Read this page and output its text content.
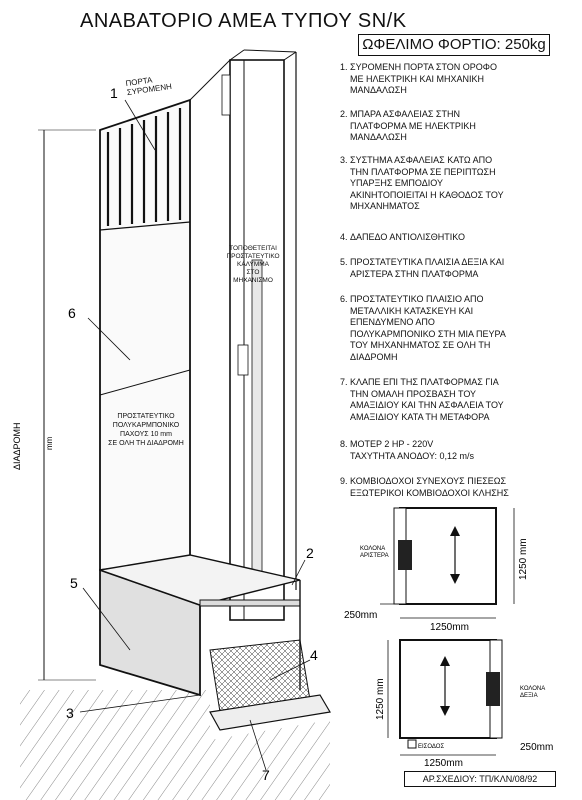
ΑΝΑΒΑΤΟΡΙΟ ΑΜΕΑ ΤΥΠΟΥ SN/K
ΩΦΕΛΙΜΟ ΦΟΡΤΙΟ: 250kg
1. ΣΥΡΟΜΕΝΗ ΠΟΡΤΑ ΣΤΟΝ ΟΡΟΦΟ
ΜΕ ΗΛΕΚΤΡΙΚΗ ΚΑΙ ΜΗΧΑΝΙΚΗ
ΜΑΝΔΑΛΩΣΗ
2. ΜΠΑΡΑ ΑΣΦΑΛΕΙΑΣ ΣΤΗΝ
ΠΛΑΤΦΟΡΜΑ ΜΕ ΗΛΕΚΤΡΙΚΗ
ΜΑΝΔΑΛΩΣΗ
3. ΣΥΣΤΗΜΑ ΑΣΦΑΛΕΙΑΣ ΚΑΤΩ ΑΠΟ
ΤΗΝ ΠΛΑΤΦΟΡΜΑ ΣΕ ΠΕΡΙΠΤΩΣΗ
ΥΠΑΡΞΗΣ ΕΜΠΟΔΙΟΥ
ΑΚΙΝΗΤΟΠΟΙΕΙΤΑΙ Η ΚΑΘΟΔΟΣ ΤΟΥ
ΜΗΧΑΝΗΜΑΤΟΣ
4. ΔΑΠΕΔΟ ΑΝΤΙΟΛΙΣΘΗΤΙΚΟ
5. ΠΡΟΣΤΑΤΕΥΤΙΚΑ ΠΛΑΙΣΙΑ ΔΕΞΙΑ ΚΑΙ
ΑΡΙΣΤΕΡΑ ΣΤΗΝ ΠΛΑΤΦΟΡΜΑ
6. ΠΡΟΣΤΑΤΕΥΤΙΚΟ ΠΛΑΙΣΙΟ ΑΠΟ
ΜΕΤΑΛΛΙΚΗ ΚΑΤΑΣΚΕΥΗ ΚΑΙ
ΕΠΕΝΔΥΜΕΝΟ ΑΠΟ
ΠΟΛΥΚΑΡΜΠΟΝΙΚΟ ΣΤΗ ΜΙΑ ΠΕΥΡΑ
ΤΟΥ ΜΗΧΑΝΗΜΑΤΟΣ ΣΕ ΟΛΗ ΤΗ
ΔΙΑΔΡΟΜΗ
7. ΚΛΑΠΕ ΕΠΙ ΤΗΣ ΠΛΑΤΦΟΡΜΑΣ ΓΙΑ
ΤΗΝ ΟΜΑΛΗ ΠΡΟΣΒΑΣΗ ΤΟΥ
ΑΜΑΞΙΔΙΟΥ ΚΑΙ ΤΗΝ ΑΣΦΑΛΕΙΑ ΤΟΥ
ΑΜΑΞΙΔΙΟΥ ΚΑΤΑ ΤΗ ΜΕΤΑΦΟΡΑ
8. ΜΟΤΕΡ 2 HP - 220V
ΤΑΧΥΤΗΤΑ ΑΝΟΔΟΥ: 0,12 m/s
9. ΚΟΜΒΙΟΔΟΧΟΙ ΣΥΝΕΧΟΥΣ ΠΙΕΣΕΩΣ
ΕΞΩΤΕΡΙΚΟΙ ΚΟΜΒΙΟΔΟΧΟΙ ΚΛΗΣΗΣ
ΔΙΑΔΡΟΜΗ	mm
1
6
5
3
2
4
7
ΚΟΛΟΝΑ ΑΡΙΣΤΕΡΑ
1250mm
1250 mm
250mm
ΚΟΛΟΝΑ ΔΕΞΙΑ
1250 mm
250mm
1250mm
ΕΙΣΟΔΟΣ
ΠΟΡΤΑ
ΣΥΡΟΜΕΝΗ
ΤΟΠΟΘΕΤΕΙΤΑΙ
ΠΡΟΣΤΑΤΕΥΤΙΚΟ
ΚΑΛΥΜΜΑ
ΣΤΟ
ΜΗΧΑΝΙΣΜΟ
ΠΡΟΣΤΑΤΕΥΤΙΚΟ
ΠΟΛΥΚΑΡΜΠΟΝΙΚΟ
ΠΑΧΟΥΣ 10 mm
ΣΕ ΟΛΗ ΤΗ ΔΙΑΔΡΟΜΗ
ΑΡ.ΣΧΕΔΙΟΥ: ΤΠ/ΚΛΝ/08/92
